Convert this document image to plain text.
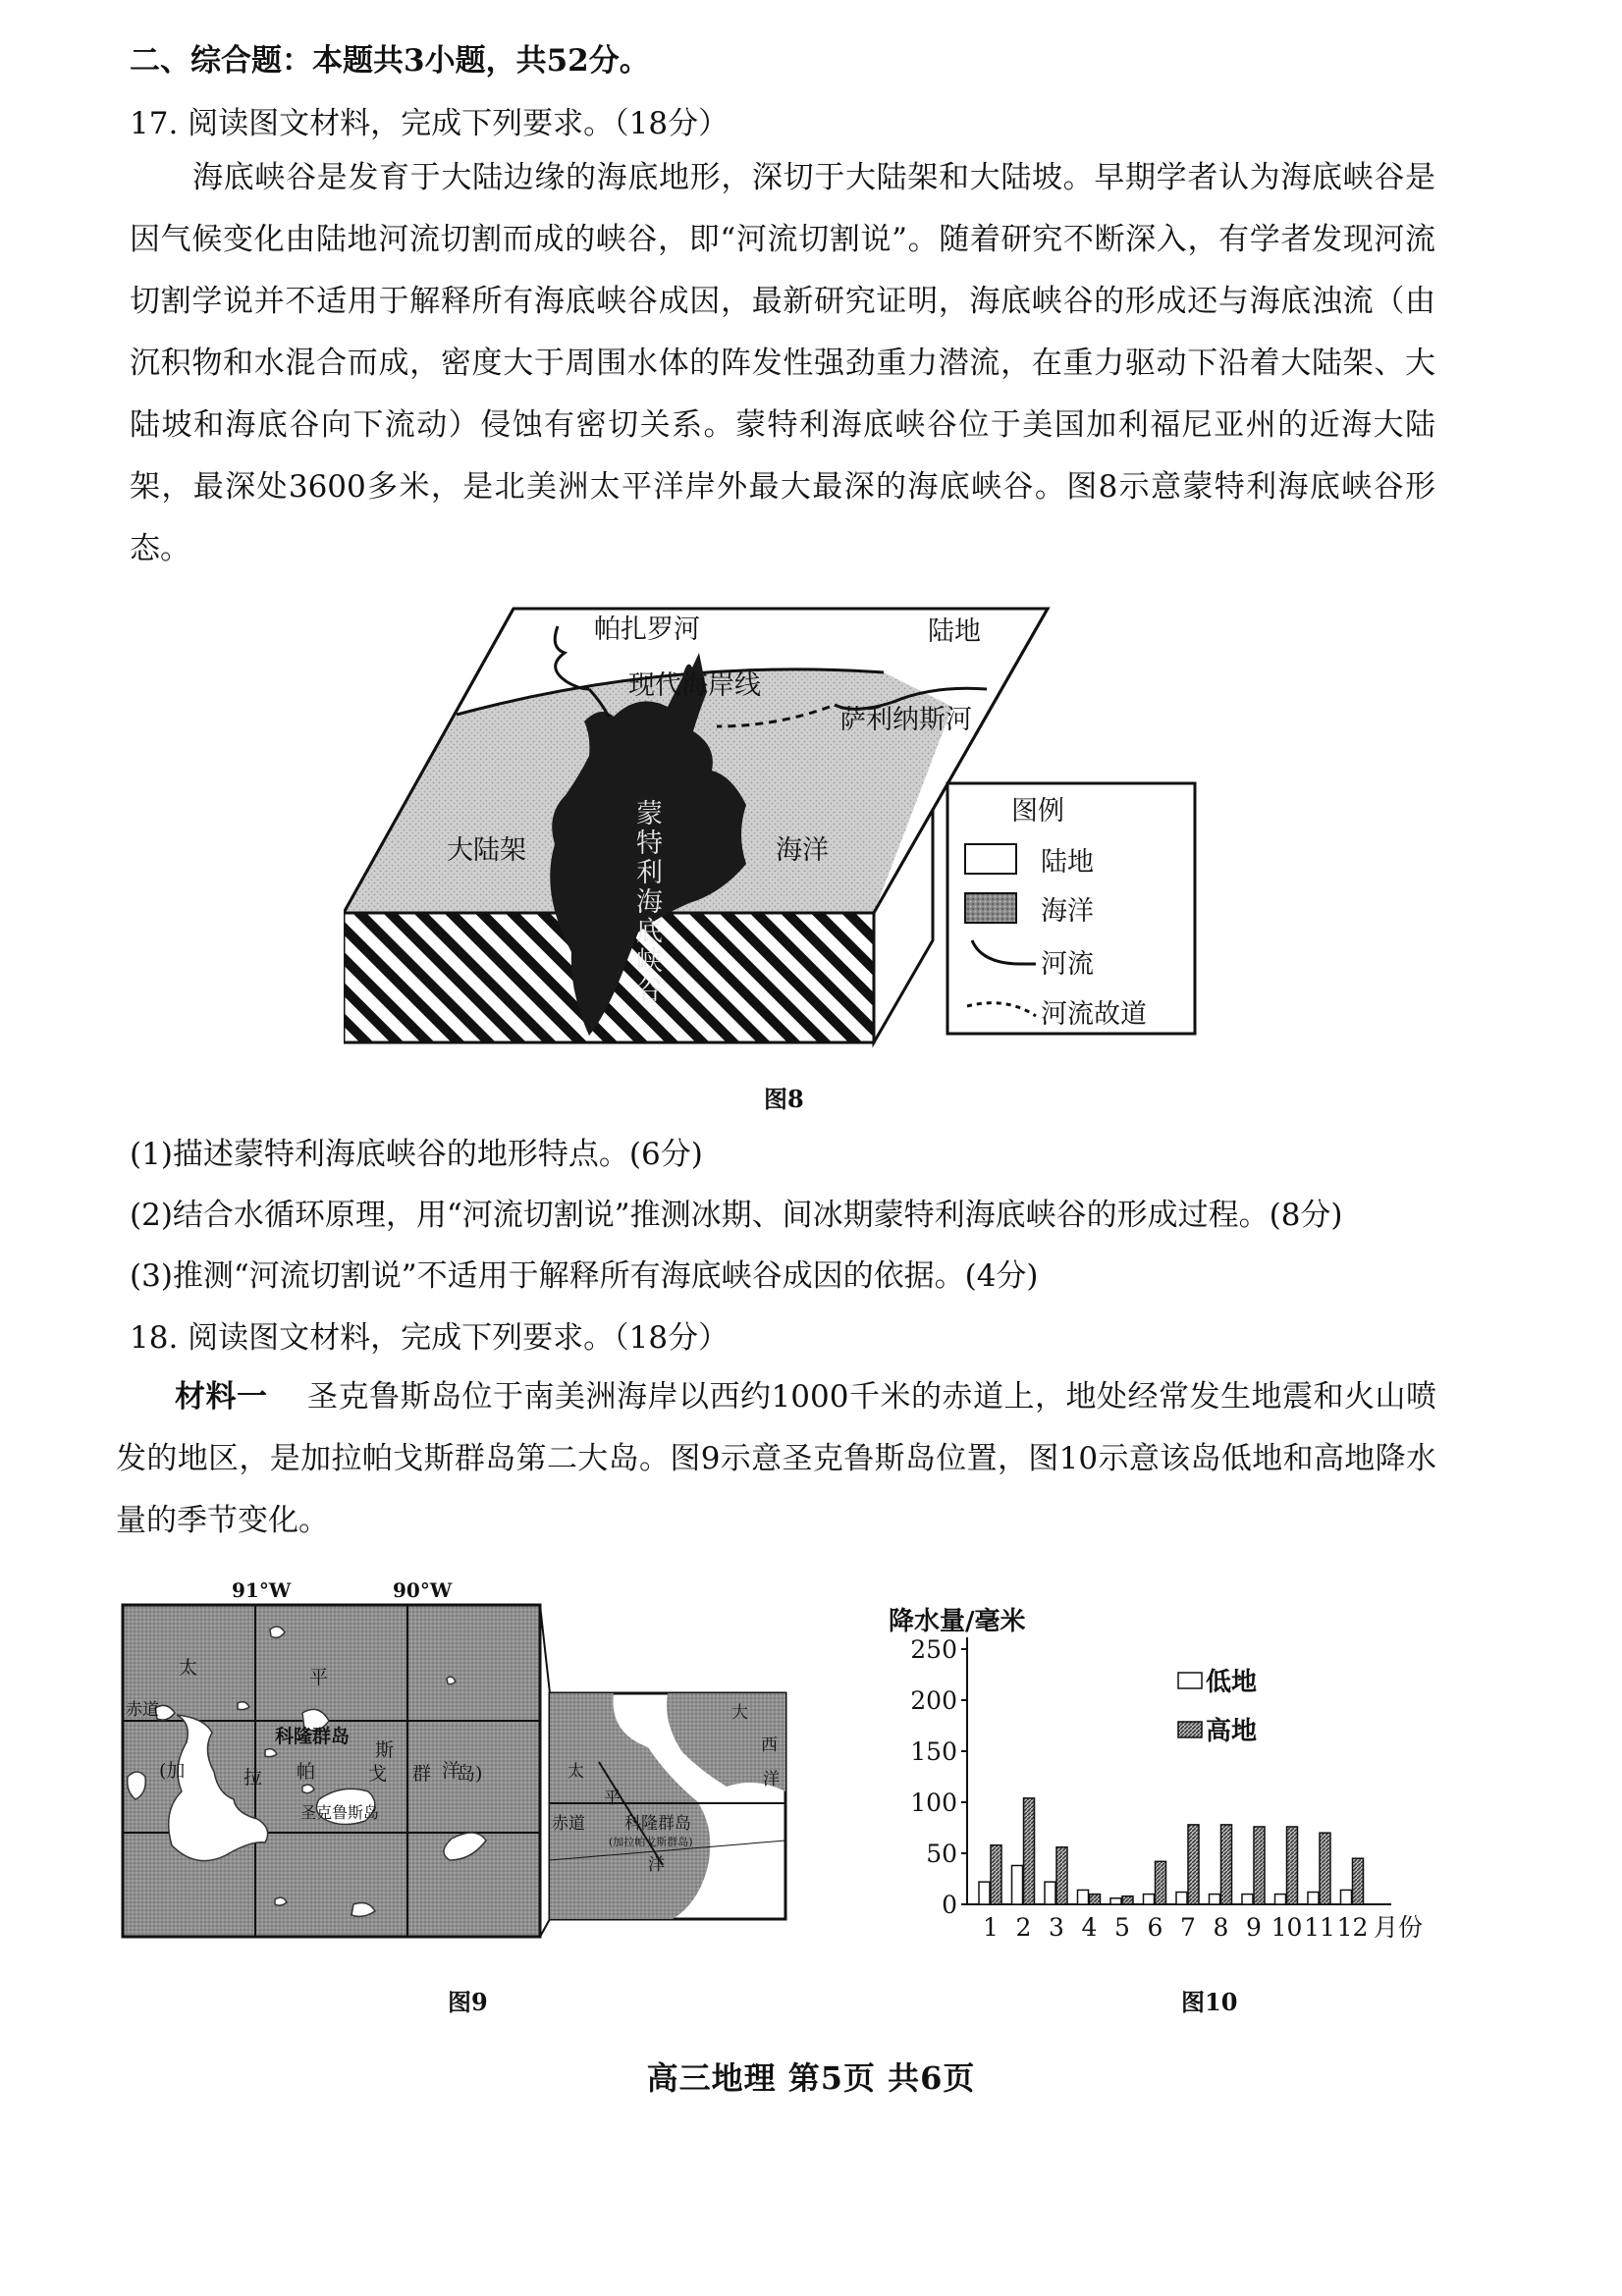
二、综合题：本题共3小题，共52分。
17. 阅读图文材料，完成下列要求。（18分）
海底峡谷是发育于大陆边缘的海底地形，深切于大陆架和大陆坡。早期学者认为海底峡谷是因气候变化由陆地河流切割而成的峡谷，即“河流切割说”。随着研究不断深入，有学者发现河流切割学说并不适用于解释所有海底峡谷成因，最新研究证明，海底峡谷的形成还与海底浊流（由沉积物和水混合而成，密度大于周围水体的阵发性强劲重力潜流，在重力驱动下沿着大陆架、大陆坡和海底谷向下流动）侵蚀有密切关系。蒙特利海底峡谷位于美国加利福尼亚州的近海大陆架，最深处3600多米，是北美洲太平洋岸外最大最深的海底峡谷。图8示意蒙特利海底峡谷形态。
帕扎罗河	陆地
现代海岸线
萨利纳斯河
大陆架	海洋
蒙
特
利
海
底
峡
谷
图例
陆地
海洋
河流
河流故道
图8
(1)描述蒙特利海底峡谷的地形特点。(6分)
(2)结合水循环原理，用“河流切割说”推测冰期、间冰期蒙特利海底峡谷的形成过程。(8分)
(3)推测“河流切割说”不适用于解释所有海底峡谷成因的依据。(4分)
18. 阅读图文材料，完成下列要求。（18分）
材料一 圣克鲁斯岛位于南美洲海岸以西约1000千米的赤道上，地处经常发生地震和火山喷发的地区，是加拉帕戈斯群岛第二大岛。图9示意圣克鲁斯岛位置，图10示意该岛低地和高地降水量的季节变化。
91°W	90°W
太	平
洋
赤道
科隆群岛
(加	拉 帕	戈
斯
群 岛)
圣克鲁斯岛
大
西
洋
太
平
洋
赤道 科隆群岛
(加拉帕戈斯群岛)
图9
降水量/毫米
0
50
100
150
200
250
1 2 3 4 5 6 7 8 9 10 11 12 月份
低地
高地
图10
高三地理 第5页 共6页
